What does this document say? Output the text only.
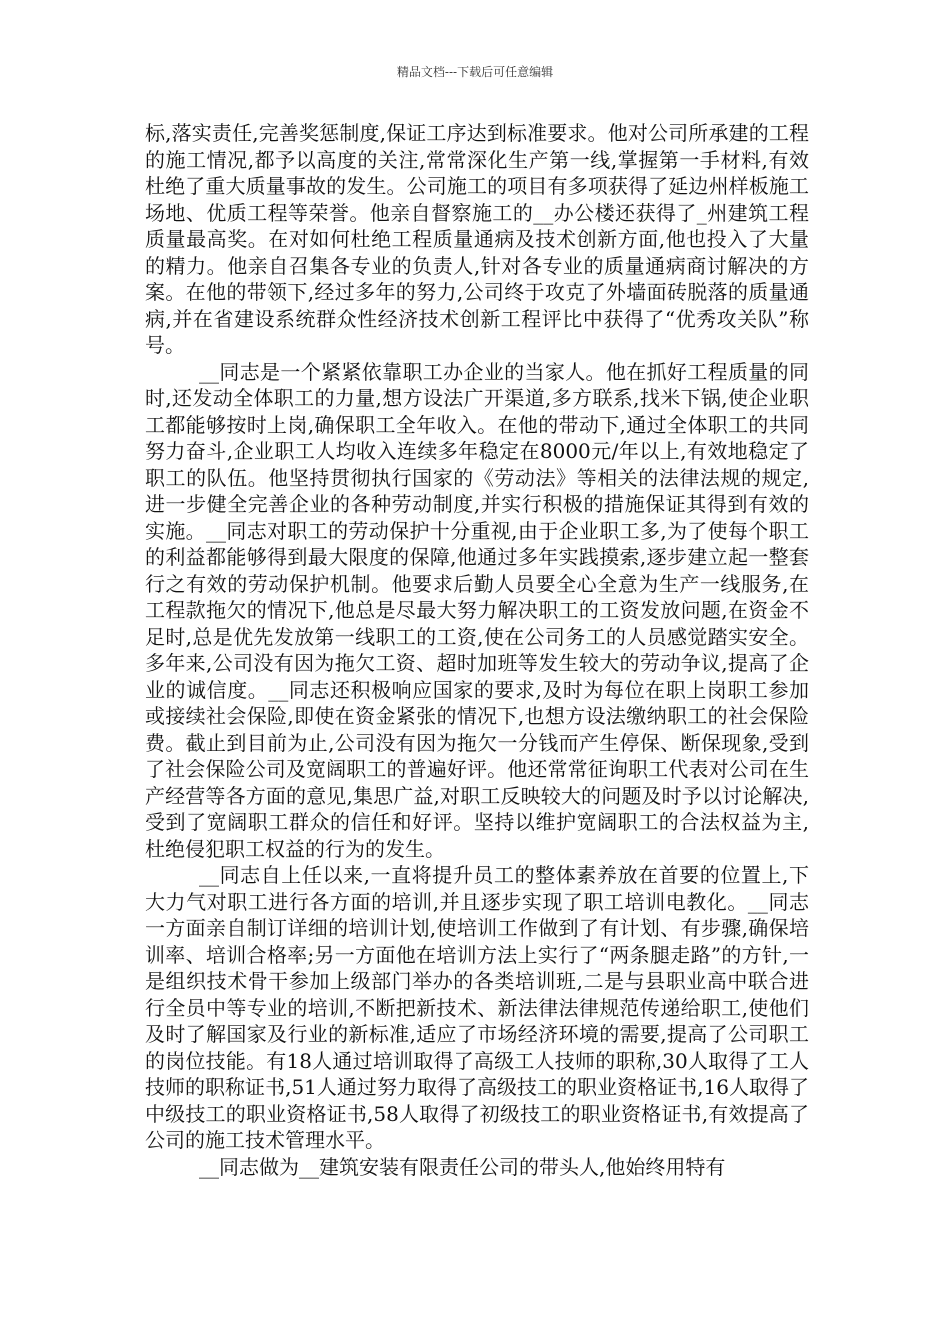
精品文档---下载后可任意编辑

标,落实责任,完善奖惩制度,保证工序达到标准要求。他对公司所承建的工程的施工情况,都予以高度的关注,常常深化生产第一线,掌握第一手材料,有效杜绝了重大质量事故的发生。公司施工的项目有多项获得了延边州样板施工场地、优质工程等荣誉。他亲自督察施工的__办公楼还获得了_州建筑工程质量最高奖。在对如何杜绝工程质量通病及技术创新方面,他也投入了大量的精力。他亲自召集各专业的负责人,针对各专业的质量通病商讨解决的方案。在他的带领下,经过多年的努力,公司终于攻克了外墙面砖脱落的质量通病,并在省建设系统群众性经济技术创新工程评比中获得了“优秀攻关队”称号。

__同志是一个紧紧依靠职工办企业的当家人。他在抓好工程质量的同时,还发动全体职工的力量,想方设法广开渠道,多方联系,找米下锅,使企业职工都能够按时上岗,确保职工全年收入。在他的带动下,通过全体职工的共同努力奋斗,企业职工人均收入连续多年稳定在8000元/年以上,有效地稳定了职工的队伍。他坚持贯彻执行国家的《劳动法》等相关的法律法规的规定,进一步健全完善企业的各种劳动制度,并实行积极的措施保证其得到有效的实施。__同志对职工的劳动保护十分重视,由于企业职工多,为了使每个职工的利益都能够得到最大限度的保障,他通过多年实践摸索,逐步建立起一整套行之有效的劳动保护机制。他要求后勤人员要全心全意为生产一线服务,在工程款拖欠的情况下,他总是尽最大努力解决职工的工资发放问题,在资金不足时,总是优先发放第一线职工的工资,使在公司务工的人员感觉踏实安全。多年来,公司没有因为拖欠工资、超时加班等发生较大的劳动争议,提高了企业的诚信度。__同志还积极响应国家的要求,及时为每位在职上岗职工参加或接续社会保险,即使在资金紧张的情况下,也想方设法缴纳职工的社会保险费。截止到目前为止,公司没有因为拖欠一分钱而产生停保、断保现象,受到了社会保险公司及宽阔职工的普遍好评。他还常常征询职工代表对公司在生产经营等各方面的意见,集思广益,对职工反映较大的问题及时予以讨论解决,受到了宽阔职工群众的信任和好评。坚持以维护宽阔职工的合法权益为主,杜绝侵犯职工权益的行为的发生。

__同志自上任以来,一直将提升员工的整体素养放在首要的位置上,下大力气对职工进行各方面的培训,并且逐步实现了职工培训电教化。__同志一方面亲自制订详细的培训计划,使培训工作做到了有计划、有步骤,确保培训率、培训合格率;另一方面他在培训方法上实行了“两条腿走路”的方针,一是组织技术骨干参加上级部门举办的各类培训班,二是与县职业高中联合进行全员中等专业的培训,不断把新技术、新法律法律规范传递给职工,使他们及时了解国家及行业的新标准,适应了市场经济环境的需要,提高了公司职工的岗位技能。有18人通过培训取得了高级工人技师的职称,30人取得了工人技师的职称证书,51人通过努力取得了高级技工的职业资格证书,16人取得了中级技工的职业资格证书,58人取得了初级技工的职业资格证书,有效提高了公司的施工技术管理水平。

__同志做为__建筑安装有限责任公司的带头人,他始终用特有
